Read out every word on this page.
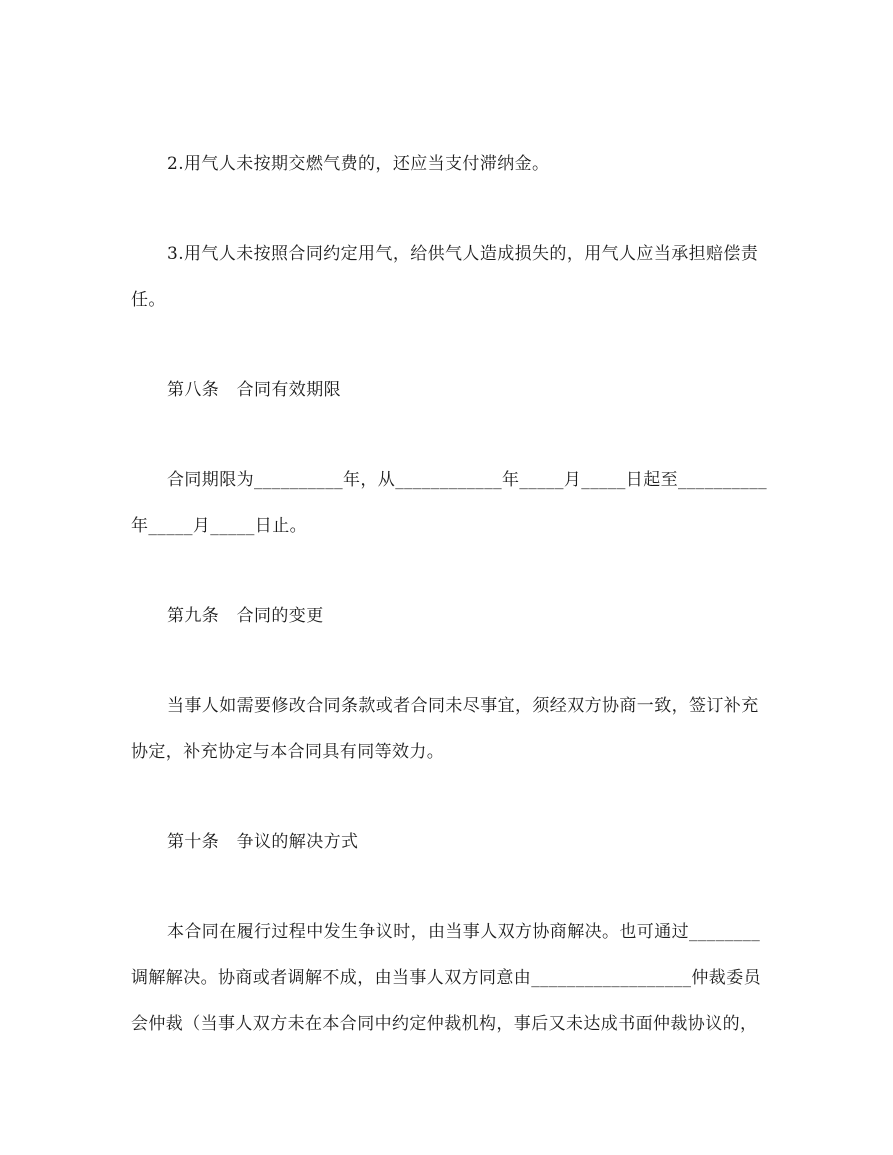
2.用气人未按期交燃气费的，还应当支付滞纳金。
3.用气人未按照合同约定用气，给供气人造成损失的，用气人应当承担赔偿责
任。
第八条　合同有效期限
合同期限为__________年，从____________年_____月_____日起至__________
年_____月_____日止。
第九条　合同的变更
当事人如需要修改合同条款或者合同未尽事宜，须经双方协商一致，签订补充
协定，补充协定与本合同具有同等效力。
第十条　争议的解决方式
本合同在履行过程中发生争议时，由当事人双方协商解决。也可通过________
调解解决。协商或者调解不成，由当事人双方同意由__________________仲裁委员
会仲裁（当事人双方未在本合同中约定仲裁机构，事后又未达成书面仲裁协议的，
